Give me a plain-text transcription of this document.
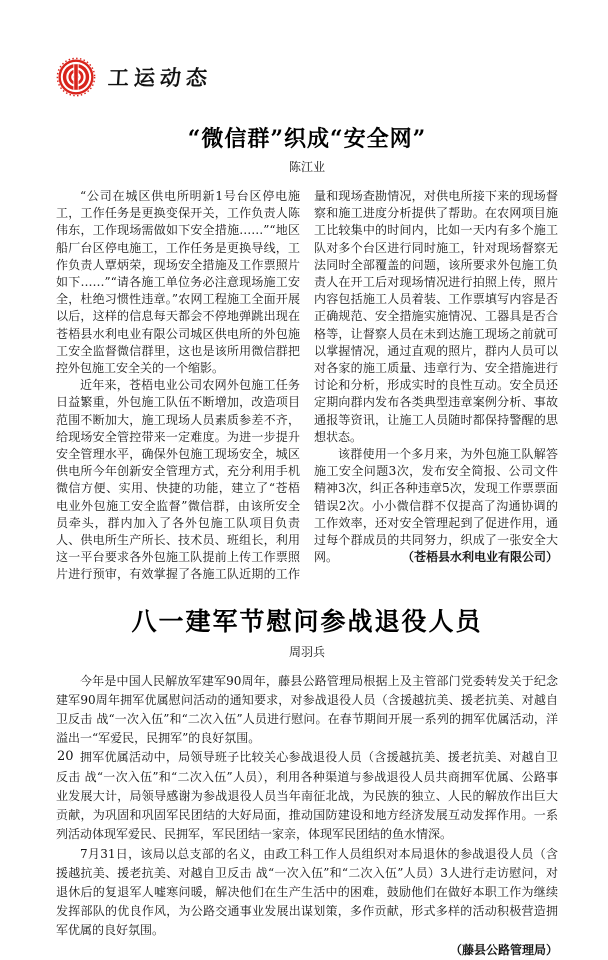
工运动态
“微信群”织成“安全网”

陈江业

“公司在城区供电所明新1号台区停电施工，工作任务是更换变保开关，工作负责人陈伟东，工作现场需做如下安全措施……”“地区船厂台区停电施工，工作任务是更换导线，工作负责人覃炳荣，现场安全措施及工作票照片如下……”“请各施工单位务必注意现场施工安全，杜绝习惯性违章。”农网工程施工全面开展以后，这样的信息每天都会不停地弹跳出现在苍梧县水利电业有限公司城区供电所的外包施工安全监督微信群里，这也是该所用微信群把控外包施工安全关的一个缩影。

近年来，苍梧电业公司农网外包施工任务日益繁重，外包施工队伍不断增加，改造项目范围不断加大，施工现场人员素质参差不齐，给现场安全管控带来一定难度。为进一步提升安全管理水平，确保外包施工现场安全，城区供电所今年创新安全管理方式，充分利用手机微信方便、实用、快捷的功能，建立了“苍梧电业外包施工安全监督”微信群，由该所安全员牵头，群内加入了各外包施工队项目负责人、供电所生产所长、技术员、班组长，利用这一平台要求各外包施工队提前上传工作票照片进行预审，有效掌握了各施工队近期的工作量和现场查勘情况，对供电所接下来的现场督察和施工进度分析提供了帮助。在农网项目施工比较集中的时间内，比如一天内有多个施工队对多个台区进行同时施工，针对现场督察无法同时全部覆盖的问题，该所要求外包施工负责人在开工后对现场情况进行拍照上传，照片内容包括施工人员着装、工作票填写内容是否正确规范、安全措施实施情况、工器具是否合格等，让督察人员在未到达施工现场之前就可以掌握情况，通过直观的照片，群内人员可以对各家的施工质量、违章行为、安全措施进行讨论和分析，形成实时的良性互动。安全员还定期向群内发布各类典型违章案例分析、事故通报等资讯，让施工人员随时都保持警醒的思想状态。

该群使用一个多月来，为外包施工队解答施工安全问题3次，发布安全简报、公司文件精神3次，纠正各种违章5次，发现工作票票面错误2次。小小微信群不仅提高了沟通协调的工作效率，还对安全管理起到了促进作用，通过每个群成员的共同努力，织成了一张安全大网。	（苍梧县水利电业有限公司）

八一建军节慰问参战退役人员

周羽兵

今年是中国人民解放军建军90周年，藤县公路管理局根据上及主管部门党委转发关于纪念建军90周年拥军优属慰问活动的通知要求，对参战退役人员（含援越抗美、援老抗美、对越自卫反击 战“一次入伍”和“二次入伍”人员进行慰问。在春节期间开展一系列的拥军优属活动，洋溢出一“军爱民，民拥军”的良好氛围。

拥军优属活动中，局领导班子比较关心参战退役人员（含援越抗美、援老抗美、对越自卫反击 战“一次入伍”和“二次入伍”人员），利用各种渠道与参战退役人员共商拥军优属、公路事业发展大计，局领导感谢为参战退役人员当年南征北战，为民族的独立、人民的解放作出巨大贡献，为巩固和巩固军民团结的大好局面，推动国防建设和地方经济发展互动发挥作用。一系列活动体现军爱民、民拥军，军民团结一家亲，体现军民团结的鱼水情深。

7月31日，该局以总支部的名义，由政工科工作人员组织对本局退休的参战退役人员（含援越抗美、援老抗美、对越自卫反击 战“一次入伍”和“二次入伍”人员）3人进行走访慰问，对退休后的复退军人嘘寒问暖，解决他们在生产生活中的困难，鼓励他们在做好本职工作为继续发挥部队的优良作风，为公路交通事业发展出谋划策，多作贡献，形式多样的活动积极营造拥军优属的良好氛围。

（藤县公路管理局）

20
